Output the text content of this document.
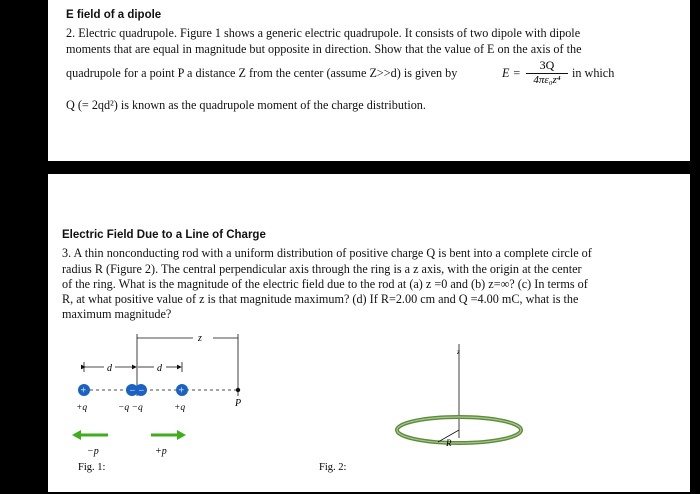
E field of a dipole
2. Electric quadrupole. Figure 1 shows a generic electric quadrupole. It consists of two dipole with dipole
moments that are equal in magnitude but opposite in direction. Show that the value of E on the axis of the
quadrupole for a point P a distance Z from the center (assume Z>>d) is given by	$E = \frac{3Q}{\text{4πε₀z⁴}}$ in which
Q (= 2qd²) is known as the quadrupole moment of the charge distribution.
Electric Field Due to a Line of Charge
3. A thin nonconducting rod with a uniform distribution of positive charge Q is bent into a complete circle of
radius R (Figure 2). The central perpendicular axis through the ring is a z axis, with the origin at the center
of the ring. What is the magnitude of the electric field due to the rod at (a) z =0 and (b) z=∞? (c) In terms of
R, at what positive value of z is that magnitude maximum? (d) If R=2.00 cm and Q =4.00 mC, what is the
maximum magnitude?
z
d	d
+	− −	+
P
+q	−q −q	+q
−p	+p
Fig. 1:
z
R
Fig. 2:
